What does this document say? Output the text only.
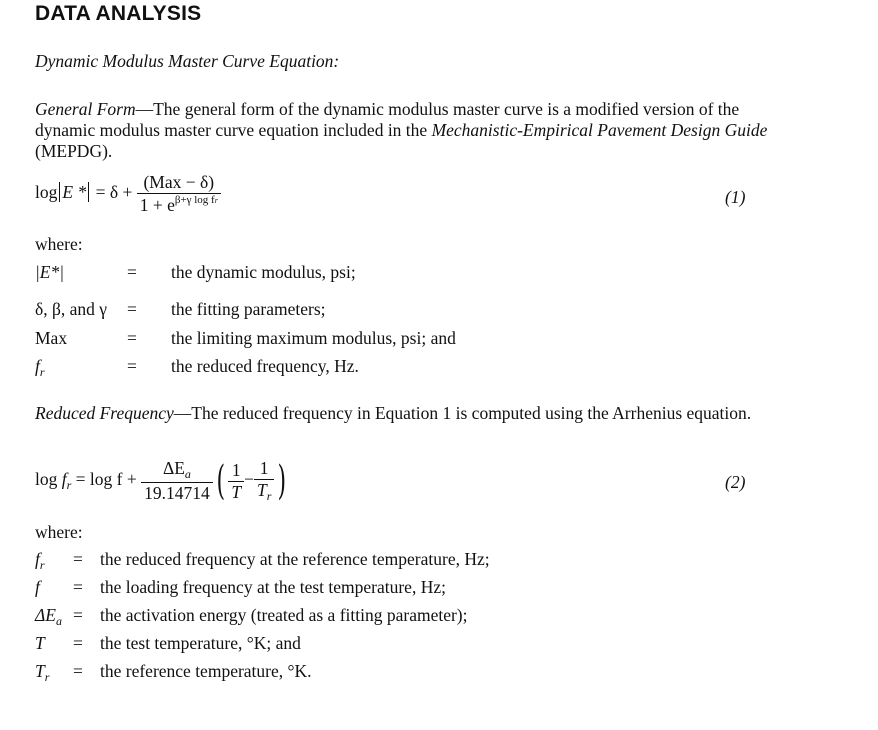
DATA ANALYSIS
Dynamic Modulus Master Curve Equation:
General Form—The general form of the dynamic modulus master curve is a modified version of the dynamic modulus master curve equation included in the Mechanistic-Empirical Pavement Design Guide (MEPDG).
log E * = $\delta + \frac{\text{(Max − δ)}}{1 + e^{\beta+\gamma log fr}}$	(1)
where:
|E*|	= the dynamic modulus, psi;
δ, β, and γ = the fitting parameters;
Max	= the limiting maximum modulus, psi; and
$f_r$	= the reduced frequency, Hz.
Reduced Frequency—The reduced frequency in Equation 1 is computed using the Arrhenius equation.
$\log f_r = \log f + \frac{\Delta E_a}{19.14714}$ ( $\frac{1}{T} - \frac{1}{T_r}$ )	(2)
where:
$f_r$ = the reduced frequency at the reference temperature, Hz;
f = the loading frequency at the test temperature, Hz;
$\Delta E_a$ = the activation energy (treated as a fitting parameter);
T = the test temperature, °K; and
$T_r$ = the reference temperature, °K.
